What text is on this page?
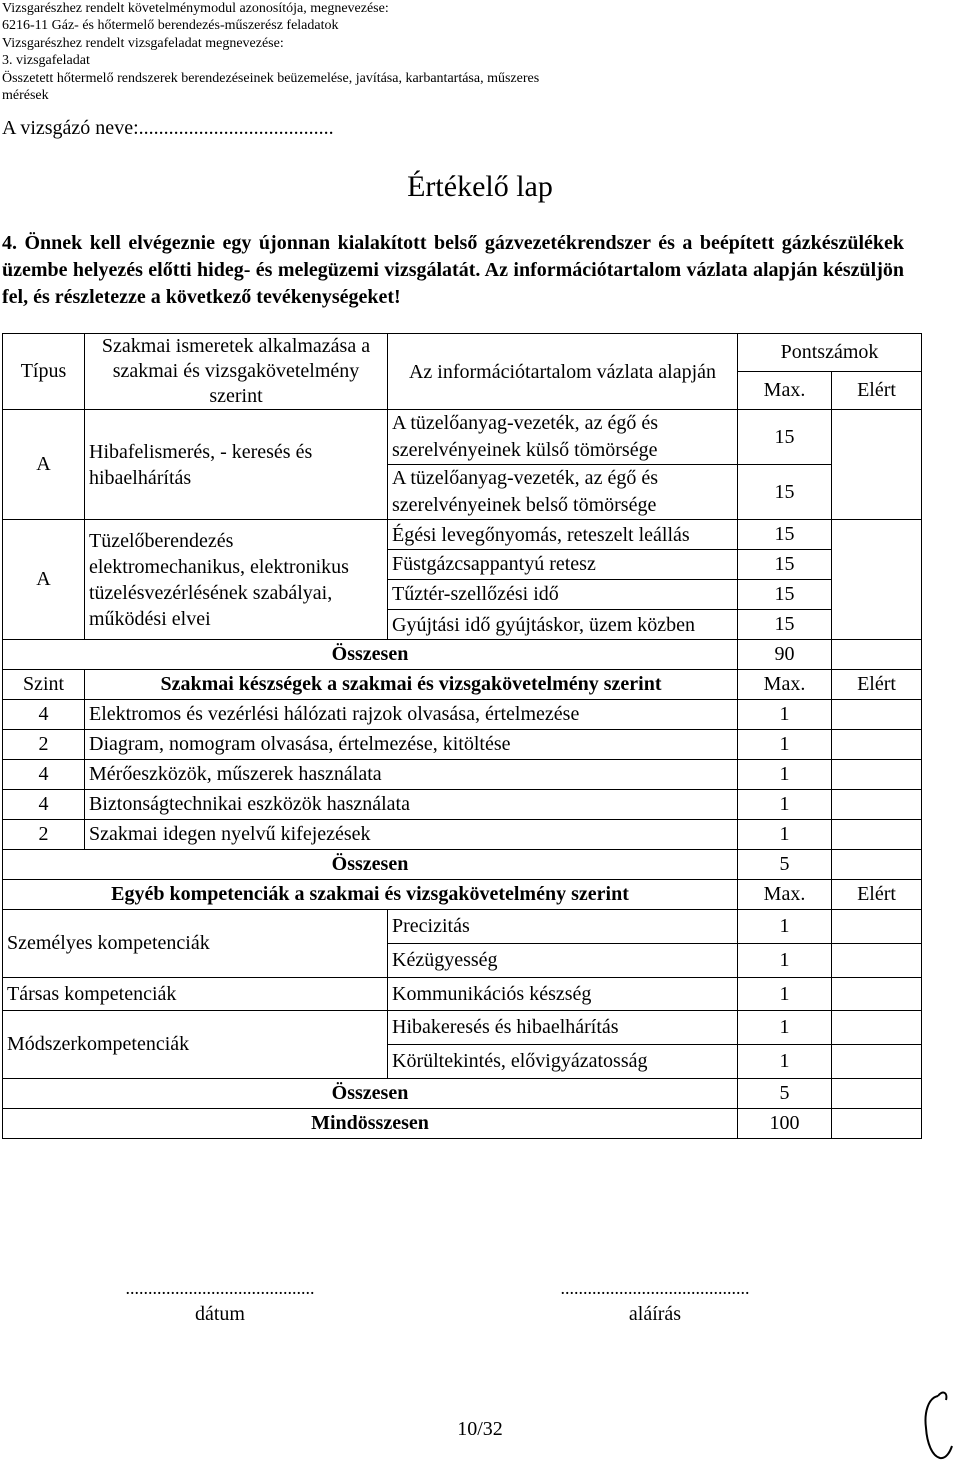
Vizsgarészhez rendelt követelménymodul azonosítója, megnevezése:
6216-11 Gáz- és hőtermelő berendezés-műszerész feladatok
Vizsgarészhez rendelt vizsgafeladat megnevezése:
3. vizsgafeladat
Összetett hőtermelő rendszerek berendezéseinek beüzemelése, javítása, karbantartása, műszeres
mérések
A vizsgázó neve:.......................................
Értékelő lap
4. Önnek kell elvégeznie egy újonnan kialakított belső gázvezetékrendszer és a beépített gázkészülékek üzembe helyezés előtti hideg- és melegüzemi vizsgálatát. Az információtartalom vázlata alapján készüljön fel, és részletezze a következő tevékenységeket!
Típus	Szakmai ismeretek alkalmazása a szakmai és vizsgakövetelmény szerint	Az információtartalom vázlata alapján	Pontszámok	
			Max.	Elért
A	Hibafelismerés, - keresés és hibaelhárítás	A tüzelőanyag-vezeték, az égő és szerelvényeinek külső tömörsége	15	
		A tüzelőanyag-vezeték, az égő és szerelvényeinek belső tömörsége	15	
A	Tüzelőberendezés elektromechanikus, elektronikus tüzelésvezérlésének szabályai, működési elvei	Égési levegőnyomás, reteszelt leállás	15	
		Füstgázcsappantyú retesz	15	
		Tűztér-szellőzési idő	15	
		Gyújtási idő gyújtáskor, üzem közben	15	
Összesen			90	
Szint	Szakmai készségek a szakmai és vizsgakövetelmény szerint		Max.	Elért
4	Elektromos és vezérlési hálózati rajzok olvasása, értelmezése		1	
2	Diagram, nomogram olvasása, értelmezése, kitöltése		1	
4	Mérőeszközök, műszerek használata		1	
4	Biztonságtechnikai eszközök használata		1	
2	Szakmai idegen nyelvű kifejezések		1	
Összesen			5	
Egyéb kompetenciák a szakmai és vizsgakövetelmény szerint			Max.	Elért
Személyes kompetenciák		Precizitás	1	
		Kézügyesség	1	
Társas kompetenciák		Kommunikációs készség	1	
Módszerkompetenciák		Hibakeresés és hibaelhárítás	1	
		Körültekintés, elővigyázatosság	1	
Összesen			5	
Mindösszesen			100	
..........................................
dátum
..........................................
aláírás
10/32
